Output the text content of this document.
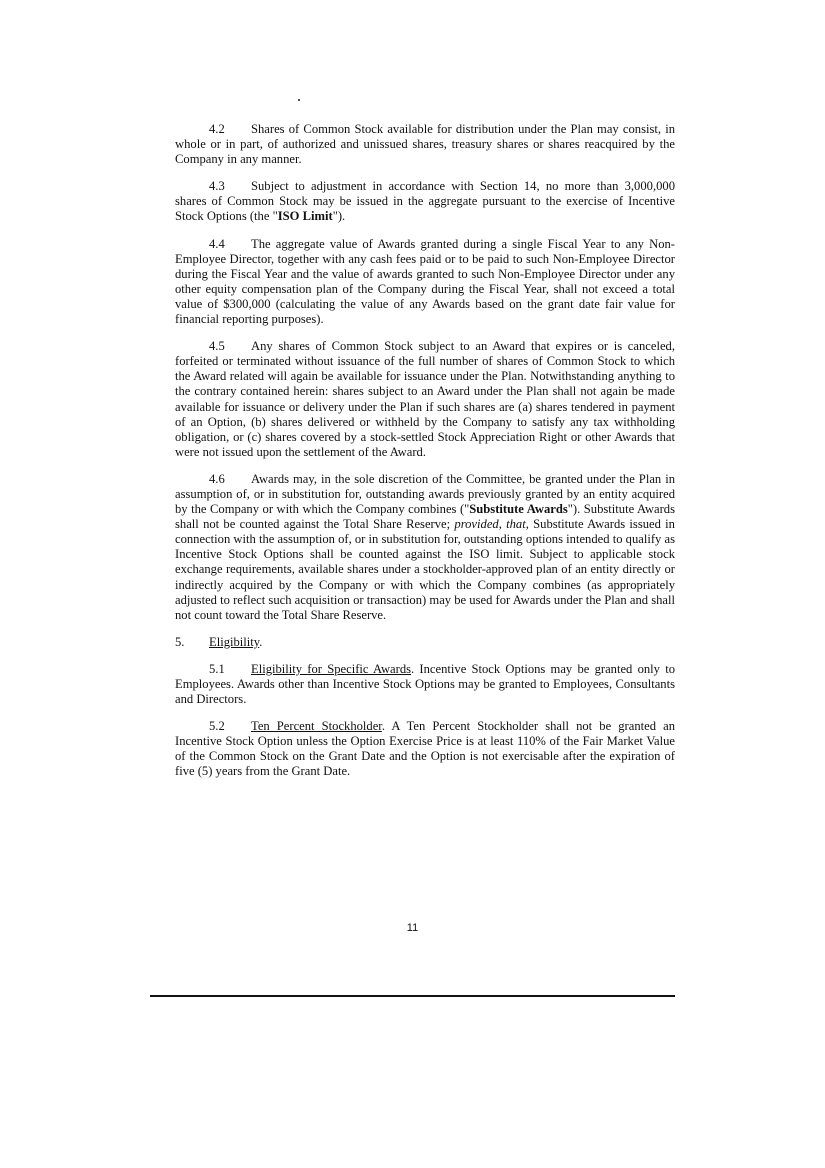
4.2 Shares of Common Stock available for distribution under the Plan may consist, in whole or in part, of authorized and unissued shares, treasury shares or shares reacquired by the Company in any manner.

4.3 Subject to adjustment in accordance with Section 14, no more than 3,000,000 shares of Common Stock may be issued in the aggregate pursuant to the exercise of Incentive Stock Options (the "ISO Limit").

4.4 The aggregate value of Awards granted during a single Fiscal Year to any Non-Employee Director, together with any cash fees paid or to be paid to such Non-Employee Director during the Fiscal Year and the value of awards granted to such Non-Employee Director under any other equity compensation plan of the Company during the Fiscal Year, shall not exceed a total value of $300,000 (calculating the value of any Awards based on the grant date fair value for financial reporting purposes).

4.5 Any shares of Common Stock subject to an Award that expires or is canceled, forfeited or terminated without issuance of the full number of shares of Common Stock to which the Award related will again be available for issuance under the Plan. Notwithstanding anything to the contrary contained herein: shares subject to an Award under the Plan shall not again be made available for issuance or delivery under the Plan if such shares are (a) shares tendered in payment of an Option, (b) shares delivered or withheld by the Company to satisfy any tax withholding obligation, or (c) shares covered by a stock-settled Stock Appreciation Right or other Awards that were not issued upon the settlement of the Award.

4.6 Awards may, in the sole discretion of the Committee, be granted under the Plan in assumption of, or in substitution for, outstanding awards previously granted by an entity acquired by the Company or with which the Company combines ("Substitute Awards"). Substitute Awards shall not be counted against the Total Share Reserve; provided, that, Substitute Awards issued in connection with the assumption of, or in substitution for, outstanding options intended to qualify as Incentive Stock Options shall be counted against the ISO limit. Subject to applicable stock exchange requirements, available shares under a stockholder-approved plan of an entity directly or indirectly acquired by the Company or with which the Company combines (as appropriately adjusted to reflect such acquisition or transaction) may be used for Awards under the Plan and shall not count toward the Total Share Reserve.

5. Eligibility.

5.1 Eligibility for Specific Awards. Incentive Stock Options may be granted only to Employees. Awards other than Incentive Stock Options may be granted to Employees, Consultants and Directors.

5.2 Ten Percent Stockholder. A Ten Percent Stockholder shall not be granted an Incentive Stock Option unless the Option Exercise Price is at least 110% of the Fair Market Value of the Common Stock on the Grant Date and the Option is not exercisable after the expiration of five (5) years from the Grant Date.

11
